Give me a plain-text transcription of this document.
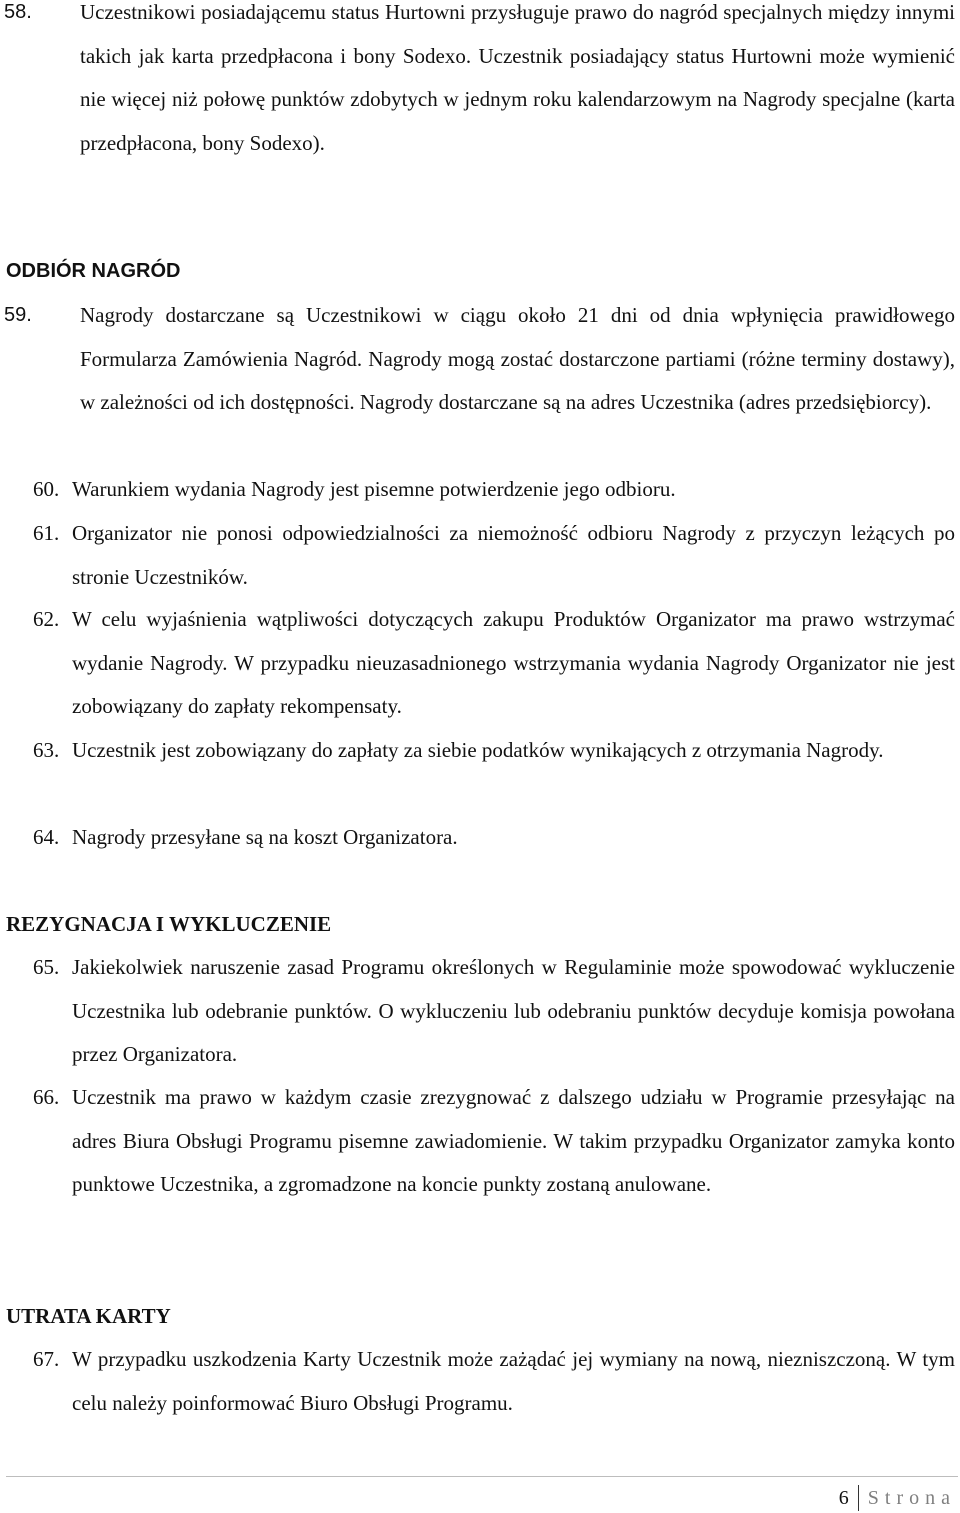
58. Uczestnikowi posiadającemu status Hurtowni przysługuje prawo do nagród specjalnych między innymi takich jak karta przedpłacona i bony Sodexo. Uczestnik posiadający status Hurtowni może wymienić nie więcej niż połowę punktów zdobytych w jednym roku kalendarzowym na Nagrody specjalne (karta przedpłacona, bony Sodexo).
ODBIÓR NAGRÓD
59. Nagrody dostarczane są Uczestnikowi w ciągu około 21 dni od dnia wpłynięcia prawidłowego Formularza Zamówienia Nagród. Nagrody mogą zostać dostarczone partiami (różne terminy dostawy), w zależności od ich dostępności. Nagrody dostarczane są na adres Uczestnika (adres przedsiębiorcy).
60. Warunkiem wydania Nagrody jest pisemne potwierdzenie jego odbioru.
61. Organizator nie ponosi odpowiedzialności za niemożność odbioru Nagrody z przyczyn leżących po stronie Uczestników.
62. W celu wyjaśnienia wątpliwości dotyczących zakupu Produktów Organizator ma prawo wstrzymać wydanie Nagrody. W przypadku nieuzasadnionego wstrzymania wydania Nagrody Organizator nie jest zobowiązany do zapłaty rekompensaty.
63. Uczestnik jest zobowiązany do zapłaty za siebie podatków wynikających z otrzymania Nagrody.
64. Nagrody przesyłane są na koszt Organizatora.
REZYGNACJA I WYKLUCZENIE
65. Jakiekolwiek naruszenie zasad Programu określonych w Regulaminie może spowodować wykluczenie Uczestnika lub odebranie punktów. O wykluczeniu lub odebraniu punktów decyduje komisja powołana przez Organizatora.
66. Uczestnik ma prawo w każdym czasie zrezygnować z dalszego udziału w Programie przesyłając na adres Biura Obsługi Programu pisemne zawiadomienie. W takim przypadku Organizator zamyka konto punktowe Uczestnika, a zgromadzone na koncie punkty zostaną anulowane.
UTRATA KARTY
67. W przypadku uszkodzenia Karty Uczestnik może zażądać jej wymiany na nową, niezniszczoną. W tym celu należy poinformować Biuro Obsługi Programu.
6 Strona
